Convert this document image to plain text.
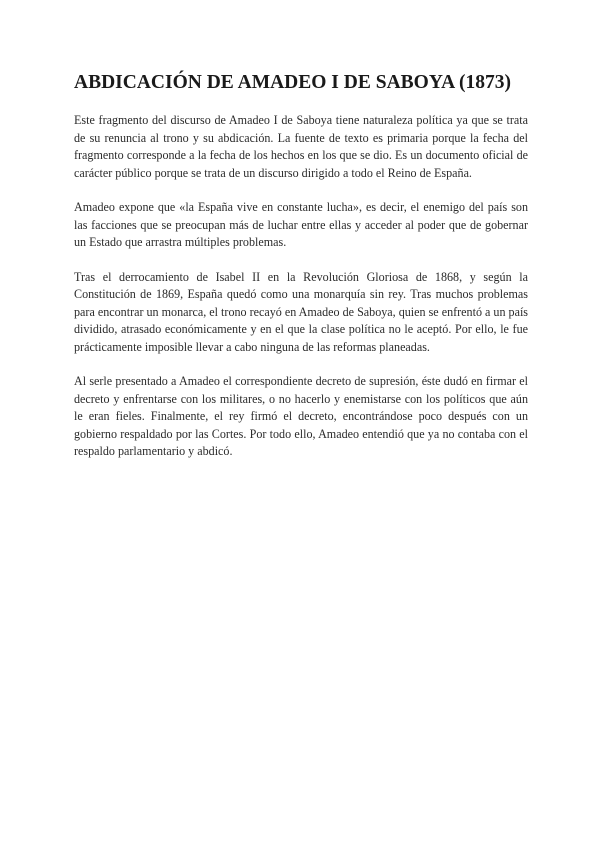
ABDICACIÓN DE AMADEO I DE SABOYA (1873)

Este fragmento del discurso de Amadeo I de Saboya tiene naturaleza política ya que se trata de su renuncia al trono y su abdicación. La fuente de texto es primaria porque la fecha del fragmento corresponde a la fecha de los hechos en los que se dio. Es un documento oficial de carácter público porque se trata de un discurso dirigido a todo el Reino de España.

Amadeo expone que «la España vive en constante lucha», es decir, el enemigo del país son las facciones que se preocupan más de luchar entre ellas y acceder al poder que de gobernar un Estado que arrastra múltiples problemas.

Tras el derrocamiento de Isabel II en la Revolución Gloriosa de 1868, y según la Constitución de 1869, España quedó como una monarquía sin rey. Tras muchos problemas para encontrar un monarca, el trono recayó en Amadeo de Saboya, quien se enfrentó a un país dividido, atrasado económicamente y en el que la clase política no le aceptó. Por ello, le fue prácticamente imposible llevar a cabo ninguna de las reformas planeadas.

Al serle presentado a Amadeo el correspondiente decreto de supresión, éste dudó en firmar el decreto y enfrentarse con los militares, o no hacerlo y enemistarse con los políticos que aún le eran fieles. Finalmente, el rey firmó el decreto, encontrándose poco después con un gobierno respaldado por las Cortes. Por todo ello, Amadeo entendió que ya no contaba con el respaldo parlamentario y abdicó.
